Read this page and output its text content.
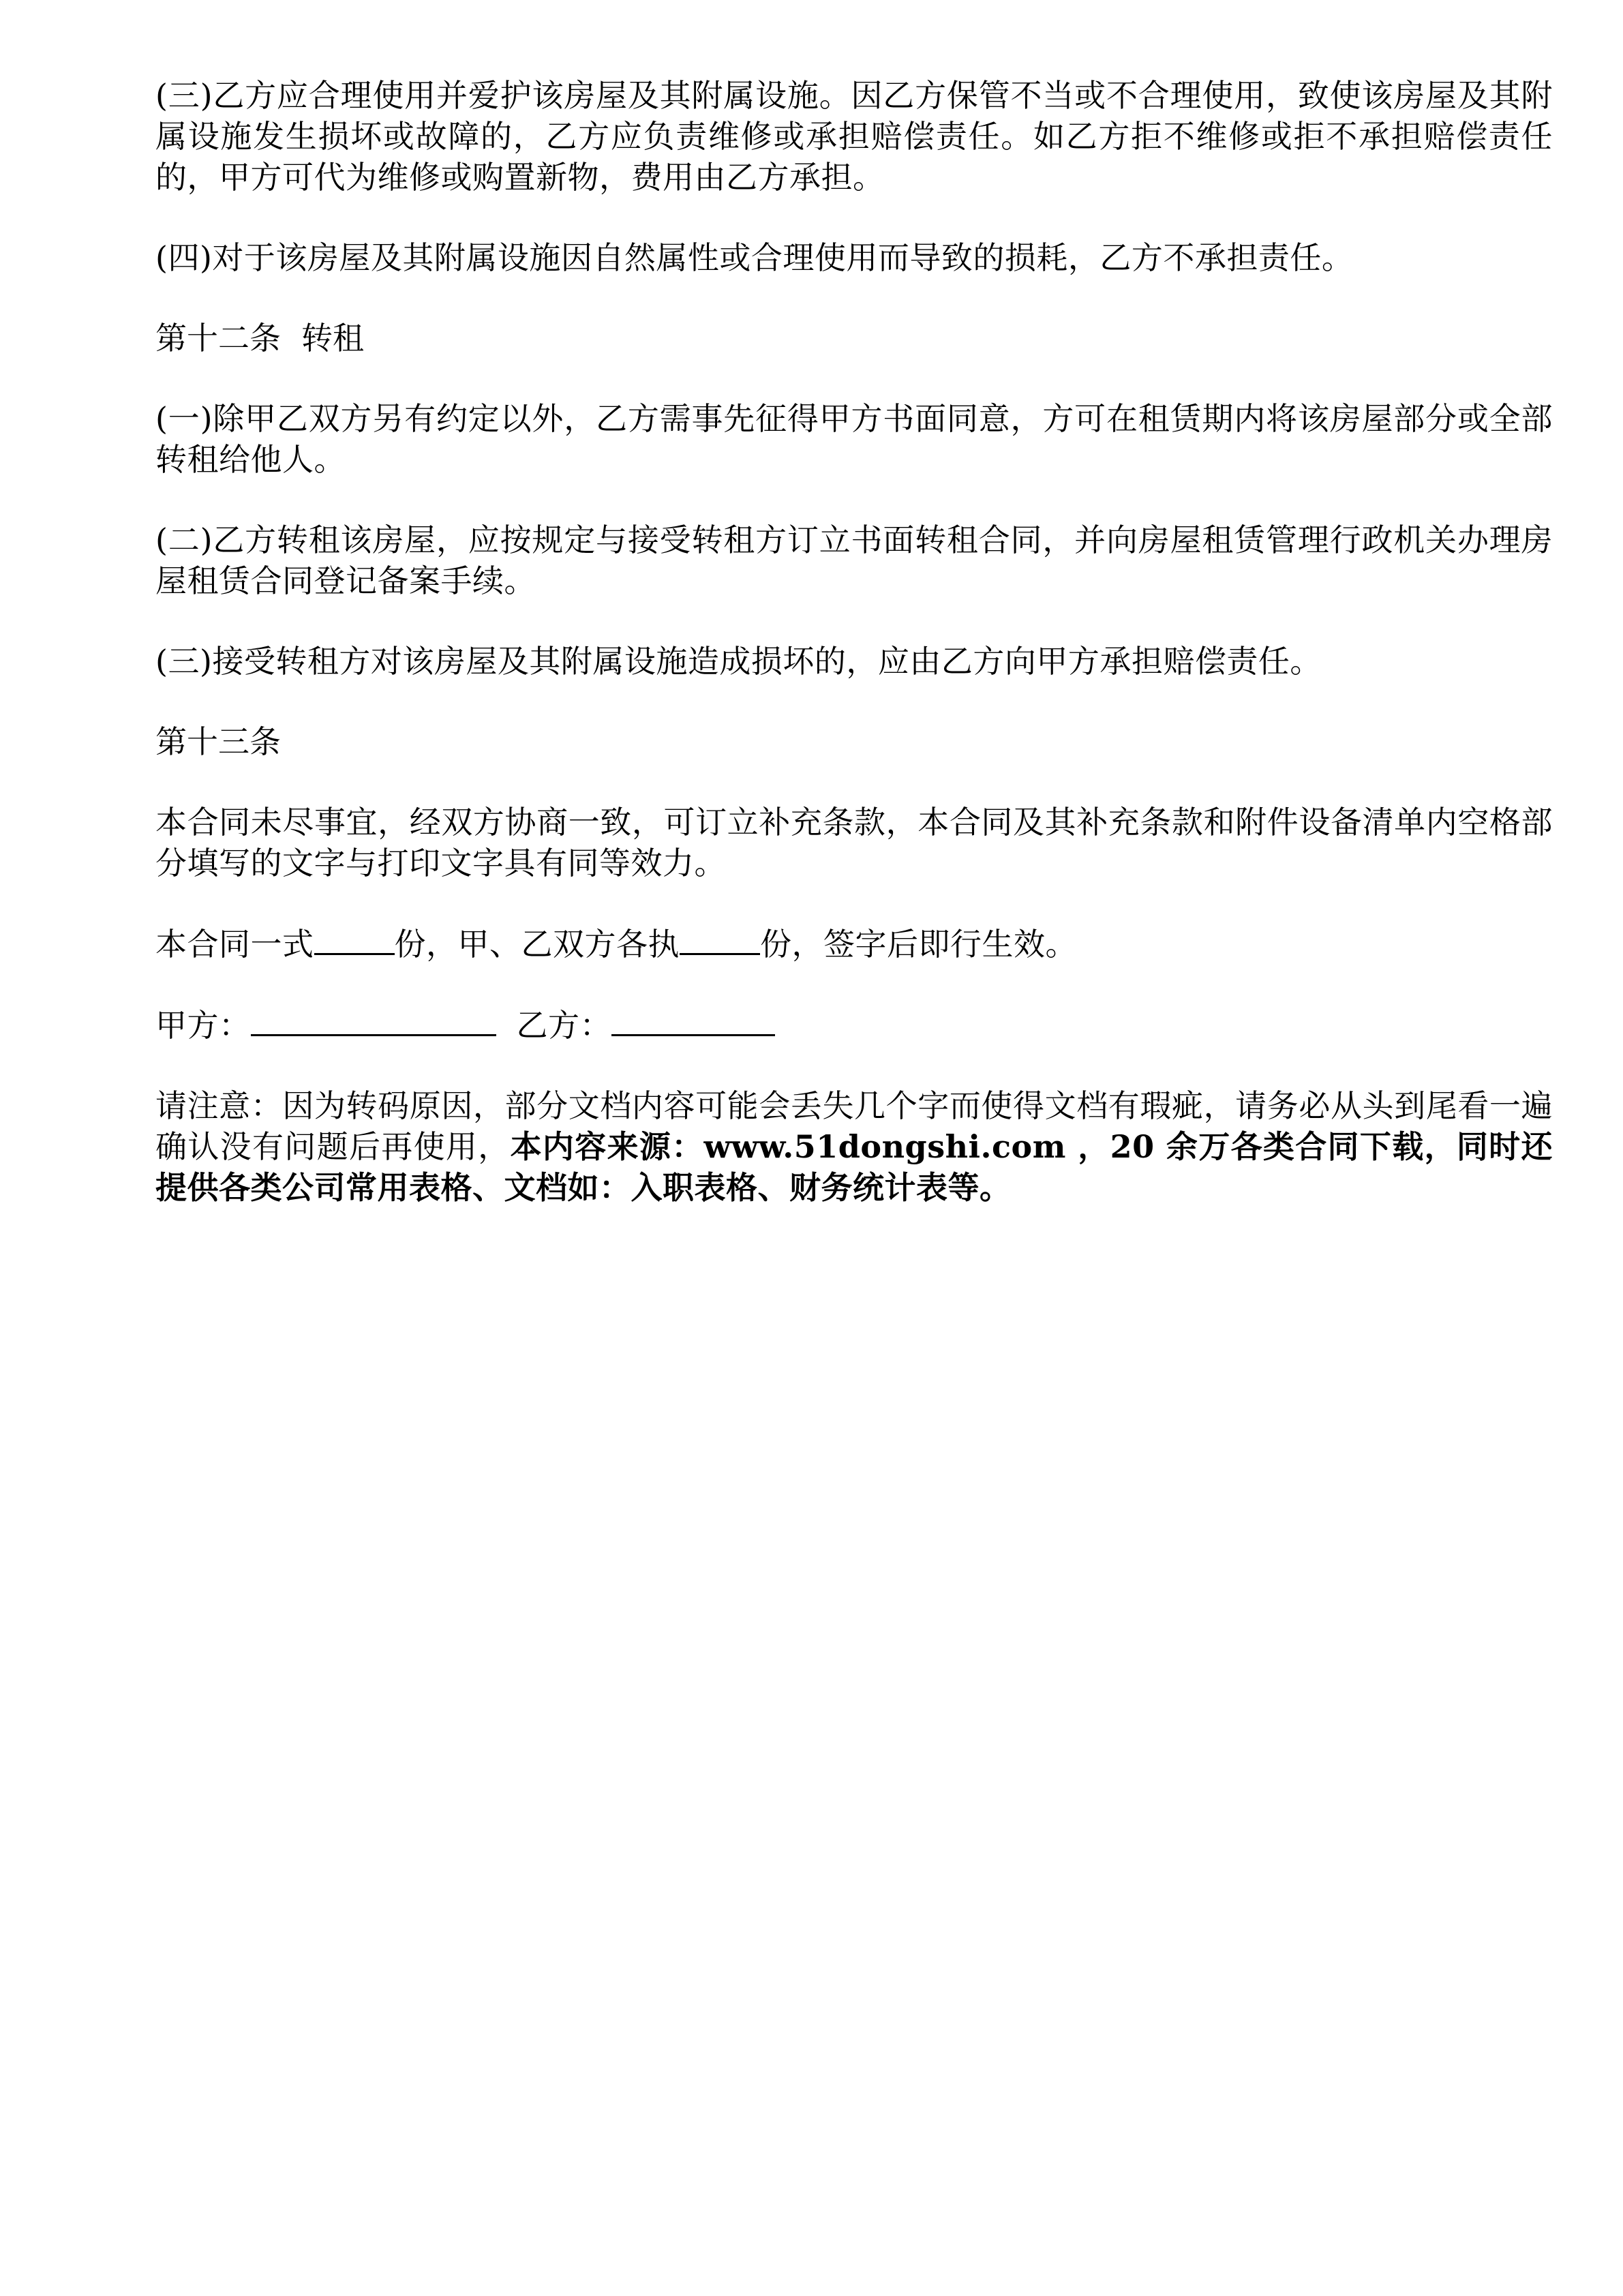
(三)乙方应合理使用并爱护该房屋及其附属设施。因乙方保管不当或不合理使用，致使该房屋及其附属设施发生损坏或故障的，乙方应负责维修或承担赔偿责任。如乙方拒不维修或拒不承担赔偿责任的，甲方可代为维修或购置新物，费用由乙方承担。

(四)对于该房屋及其附属设施因自然属性或合理使用而导致的损耗，乙方不承担责任。

第十二条 转租

(一)除甲乙双方另有约定以外，乙方需事先征得甲方书面同意，方可在租赁期内将该房屋部分或全部转租给他人。

(二)乙方转租该房屋，应按规定与接受转租方订立书面转租合同，并向房屋租赁管理行政机关办理房屋租赁合同登记备案手续。

(三)接受转租方对该房屋及其附属设施造成损坏的，应由乙方向甲方承担赔偿责任。

第十三条

本合同未尽事宜，经双方协商一致，可订立补充条款，本合同及其补充条款和附件设备清单内空格部分填写的文字与打印文字具有同等效力。

本合同一式	份，甲、乙双方各执	份，签字后即行生效。

甲方：	乙方：

请注意：因为转码原因，部分文档内容可能会丢失几个字而使得文档有瑕疵，请务必从头到尾看一遍确认没有问题后再使用，本内容来源：www.51dongshi.com ，20 余万各类合同下载，同时还提供各类公司常用表格、文档如：入职表格、财务统计表等。
